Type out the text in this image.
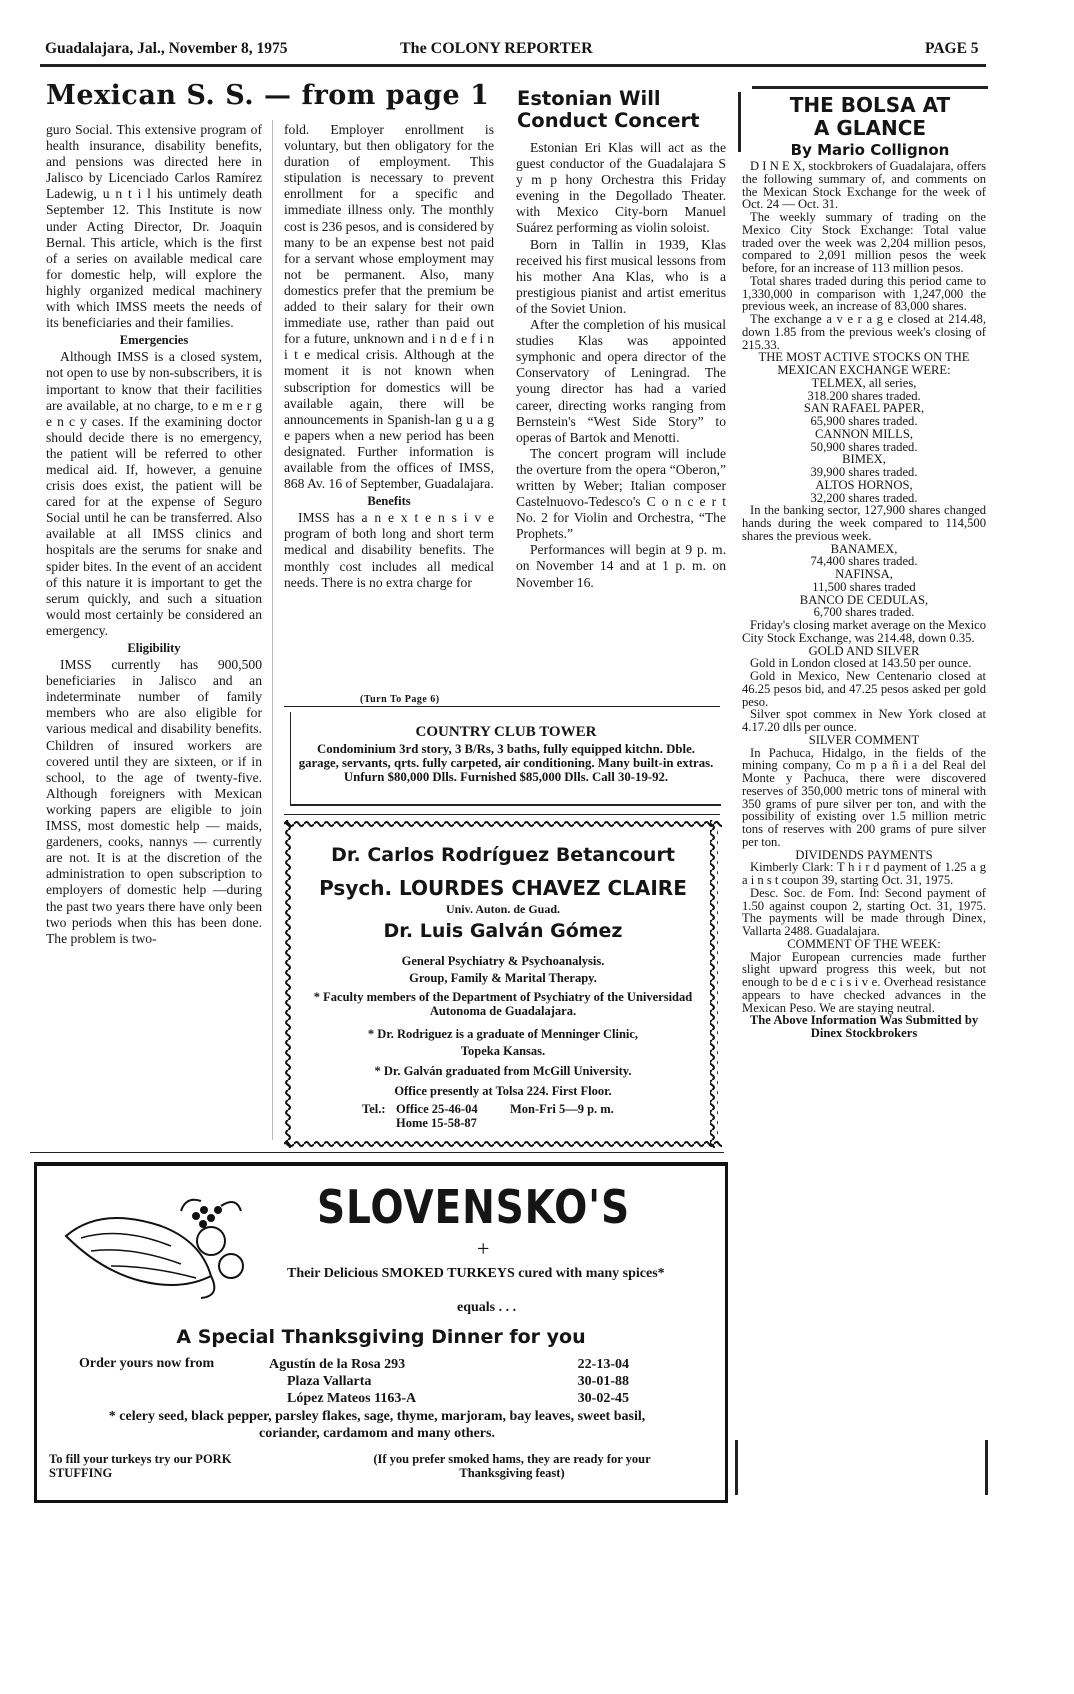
Guadalajara, Jal., November 8, 1975	The COLONY REPORTER	PAGE 5
Mexican S. S. — from page 1

guro Social. This extensive program of health insurance, disability benefits, and pensions was directed here in Jalisco by Licenciado Carlos Ramírez Ladewig, u n t i l his untimely death September 12. This Institute is now under Acting Director, Dr. Joaquin Bernal. This article, which is the first of a series on available medical care for domestic help, will explore the highly organized medical machinery with which IMSS meets the needs of its beneficiaries and their families.

Emergencies

Although IMSS is a closed system, not open to use by non-subscribers, it is important to know that their facilities are available, at no charge, to e m e r g e n c y cases. If the examining doctor should decide there is no emergency, the patient will be referred to other medical aid. If, however, a genuine crisis does exist, the patient will be cared for at the expense of Seguro Social until he can be transferred. Also available at all IMSS clinics and hospitals are the serums for snake and spider bites. In the event of an accident of this nature it is important to get the serum quickly, and such a situation would most certainly be considered an emergency.

Eligibility

IMSS currently has 900,500 beneficiaries in Jalisco and an indeterminate number of family members who are also eligible for various medical and disability benefits. Children of insured workers are covered until they are sixteen, or if in school, to the age of twenty-five. Although foreigners with Mexican working papers are eligible to join IMSS, most domestic help — maids, gardeners, cooks, nannys — currently are not. It is at the discretion of the administration to open subscription to employers of domestic help —during the past two years there have only been two periods when this has been done. The problem is two-

fold. Employer enrollment is voluntary, but then obligatory for the duration of employment. This stipulation is necessary to prevent enrollment for a specific and immediate illness only. The monthly cost is 236 pesos, and is considered by many to be an expense best not paid for a servant whose employment may not be permanent. Also, many domestics prefer that the premium be added to their salary for their own immediate use, rather than paid out for a future, unknown and i n d e f i n i t e medical crisis. Although at the moment it is not known when subscription for domestics will be available again, there will be announcements in Spanish-lan g u a g e papers when a new period has been designated. Further information is available from the offices of IMSS, 868 Av. 16 of September, Guadalajara.

Benefits

IMSS has a n e x t e n s i v e program of both long and short term medical and disability benefits. The monthly cost includes all medical needs. There is no extra charge for

(Turn To Page 6)
Estonian Will Conduct Concert

Estonian Eri Klas will act as the guest conductor of the Guadalajara S y m p hony Orchestra this Friday evening in the Degollado Theater. with Mexico City-born Manuel Suárez performing as violin soloist.

Born in Tallin in 1939, Klas received his first musical lessons from his mother Ana Klas, who is a prestigious pianist and artist emeritus of the Soviet Union.

After the completion of his musical studies Klas was appointed symphonic and opera director of the Conservatory of Leningrad. The young director has had a varied career, directing works ranging from Bernstein's “West Side Story” to operas of Bartok and Menotti.

The concert program will include the overture from the opera “Oberon,” written by Weber; Italian composer Castelnuovo-Tedesco's C o n c e r t No. 2 for Violin and Orchestra, “The Prophets.”

Performances will begin at 9 p. m. on November 14 and at 1 p. m. on November 16.

COUNTRY CLUB TOWER
Condominium 3rd story, 3 B/Rs, 3 baths, fully equipped kitchn. Dble. garage, servants, qrts. fully carpeted, air conditioning. Many built-in extras. Unfurn $80,000 Dlls. Furnished $85,000 Dlls. Call 30-19-92.
Dr. Carlos Rodríguez Betancourt
Psych. LOURDES CHAVEZ CLAIRE
Univ. Auton. de Guad.
Dr. Luis Galván Gómez
General Psychiatry & Psychoanalysis.
Group, Family & Marital Therapy.
* Faculty members of the Department of Psychiatry of the Universidad Autonoma de Guadalajara.
* Dr. Rodriguez is a graduate of Menninger Clinic, Topeka Kansas.
* Dr. Galván graduated from McGill University.
Office presently at Tolsa 224. First Floor.
Tel.: Office 25-46-04
Home 15-58-87
Mon-Fri 5—9 p. m.
SLOVENSKO'S
+
Their Delicious SMOKED TURKEYS cured with many spices*
equals . . .
A Special Thanksgiving Dinner for you
Order yours now from	Agustín de la Rosa 293	22-13-04
Plaza Vallarta	30-01-88
López Mateos 1163-A	30-02-45
* celery seed, black pepper, parsley flakes, sage, thyme, marjoram, bay leaves, sweet basil, coriander, cardamom and many others.
To fill your turkeys try our PORK STUFFING
(If you prefer smoked hams, they are ready for your Thanksgiving feast)
THE BOLSA AT
A GLANCE
By Mario Collignon
D I N E X, stockbrokers of Guadalajara, offers the following summary of, and comments on the Mexican Stock Exchange for the week of Oct. 24 — Oct. 31.
The weekly summary of trading on the Mexico City Stock Exchange: Total value traded over the week was 2,204 million pesos, compared to 2,091 million pesos the week before, for an increase of 113 million pesos.
Total shares traded during this period came to 1,330,000 in comparison with 1,247,000 the previous week, an increase of 83,000 shares.
The exchange a v e r a g e closed at 214.48, down 1.85 from the previous week's closing of 215.33.
THE MOST ACTIVE STOCKS ON THE MEXICAN EXCHANGE WERE:
TELMEX, all series,
318.200 shares traded.
SAN RAFAEL PAPER,
65,900 shares traded.
CANNON MILLS,
50,900 shares traded.
BIMEX,
39,900 shares traded.
ALTOS HORNOS,
32,200 shares traded.
In the banking sector, 127,900 shares changed hands during the week compared to 114,500 shares the previous week.
BANAMEX,
74,400 shares traded.
NAFINSA,
11,500 shares traded
BANCO DE CEDULAS,
6,700 shares traded.
Friday's closing market average on the Mexico City Stock Exchange, was 214.48, down 0.35.
GOLD AND SILVER
Gold in London closed at 143.50 per ounce.
Gold in Mexico, New Centenario closed at 46.25 pesos bid, and 47.25 pesos asked per gold peso.
Silver spot commex in New York closed at 4.17.20 dlls per ounce.
SILVER COMMENT
In Pachuca, Hidalgo, in the fields of the mining company, Co m p a ñ i a del Real del Monte y Pachuca, there were discovered reserves of 350,000 metric tons of mineral with 350 grams of pure silver per ton, and with the possibility of existing over 1.5 million metric tons of reserves with 200 grams of pure silver per ton.
DIVIDENDS PAYMENTS
Kimberly Clark: T h i r d payment of 1.25 a g a i n s t coupon 39, starting Oct. 31, 1975.
Desc. Soc. de Fom. Ind: Second payment of 1.50 against coupon 2, starting Oct. 31, 1975. The payments will be made through Dinex, Vallarta 2488. Guadalajara.
COMMENT OF THE WEEK:
Major European currencies made further slight upward progress this week, but not enough to be d e c i s i v e. Overhead resistance appears to have checked advances in the Mexican Peso. We are staying neutral.
The Above Information Was Submitted by Dinex Stockbrokers
